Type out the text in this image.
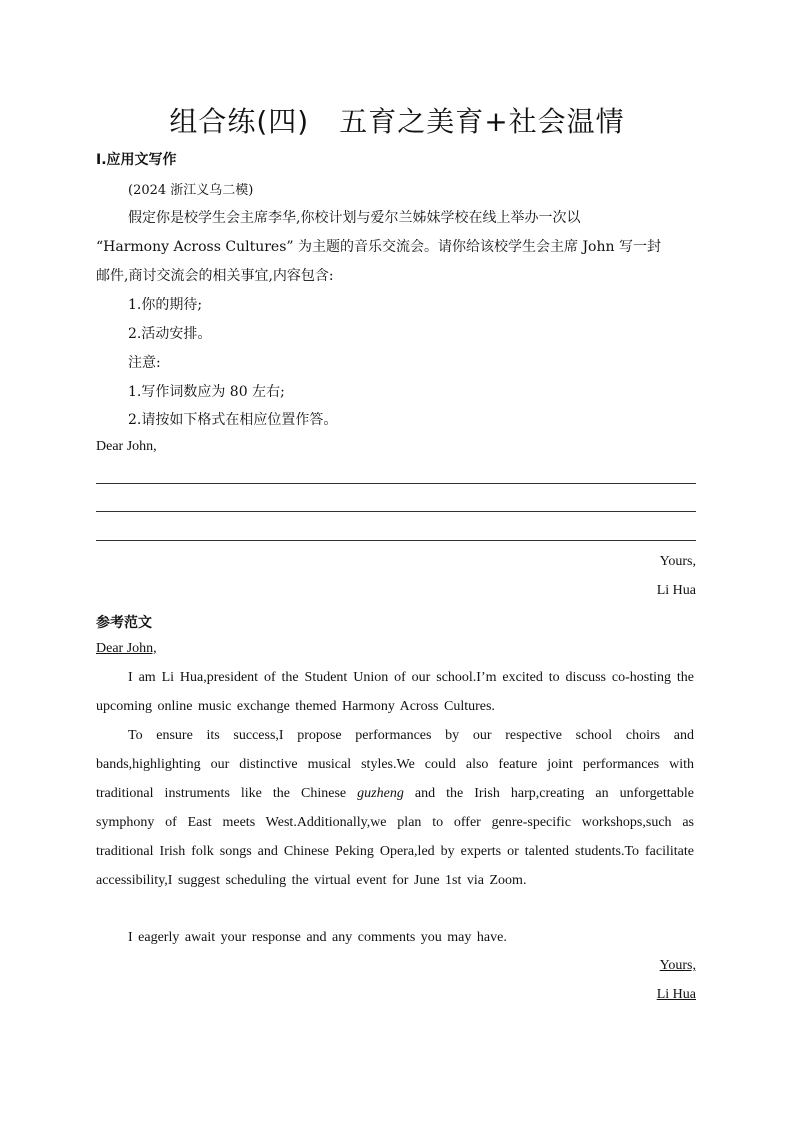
组合练(四) 五育之美育+社会温情
Ⅰ.应用文写作
(2024 浙江义乌二模)
假定你是校学生会主席李华,你校计划与爱尔兰姊妹学校在线上举办一次以
“Harmony Across Cultures” 为主题的音乐交流会。请你给该校学生会主席 John 写一封
邮件,商讨交流会的相关事宜,内容包含:
1.你的期待;
2.活动安排。
注意:
1.写作词数应为 80 左右;
2.请按如下格式在相应位置作答。
Dear John,
Yours,
Li Hua
参考范文
Dear John,
I am Li Hua,president of the Student Union of our school.I’m excited to discuss co-hosting the upcoming online music exchange themed Harmony Across Cultures.
To ensure its success,I propose performances by our respective school choirs and bands,highlighting our distinctive musical styles.We could also feature joint performances with traditional instruments like the Chinese guzheng and the Irish harp,creating an unforgettable symphony of East meets West.Additionally,we plan to offer genre-specific workshops,such as traditional Irish folk songs and Chinese Peking Opera,led by experts or talented students.To facilitate accessibility,I suggest scheduling the virtual event for June 1st via Zoom.
I eagerly await your response and any comments you may have.
Yours,
Li Hua
